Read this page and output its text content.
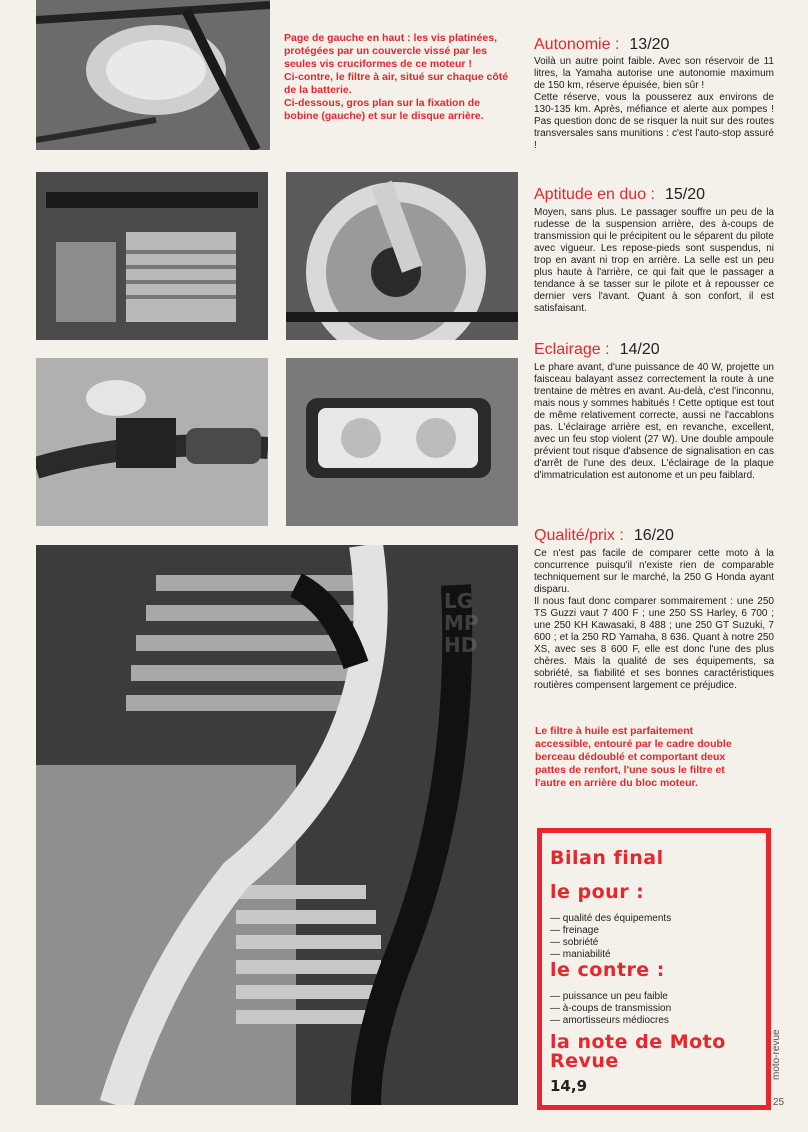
LG MP HD

Page de gauche en haut : les vis platinées, protégées par un couvercle vissé par les seules vis cruciformes de ce moteur !

Ci-contre, le filtre à air, situé sur chaque côté de la batterie.

Ci-dessous, gros plan sur la fixation de bobine (gauche) et sur le disque arrière.

Le filtre à huile est parfaitement accessible, entouré par le cadre double berceau dédoublé et comportant deux pattes de renfort, l'une sous le filtre et l'autre en arrière du bloc moteur.

Autonomie : 13/20

Voilà un autre point faible. Avec son réservoir de 11 litres, la Yamaha autorise une autonomie maximum de 150 km, réserve épuisée, bien sûr !

Cette réserve, vous la pousserez aux environs de 130-135 km. Après, méfiance et alerte aux pompes ! Pas question donc de se risquer la nuit sur des routes transversales sans munitions : c'est l'auto-stop assuré !

Aptitude en duo : 15/20

Moyen, sans plus. Le passager souffre un peu de la rudesse de la suspension arrière, des à-coups de transmission qui le précipitent ou le séparent du pilote avec vigueur. Les repose-pieds sont suspendus, ni trop en avant ni trop en arrière. La selle est un peu plus haute à l'arrière, ce qui fait que le passager a tendance à se tasser sur le pilote et à repousser ce dernier vers l'avant. Quant à son confort, il est satisfaisant.

Eclairage : 14/20

Le phare avant, d'une puissance de 40 W, projette un faisceau balayant assez correctement la route à une trentaine de mètres en avant. Au-delà, c'est l'inconnu, mais nous y sommes habitués ! Cette optique est tout de même relativement correcte, aussi ne l'accablons pas. L'éclairage arrière est, en revanche, excellent, avec un feu stop violent (27 W). Une double ampoule prévient tout risque d'absence de signalisation en cas d'arrêt de l'une des deux. L'éclairage de la plaque d'immatriculation est autonome et un peu faiblard.

Qualité/prix : 16/20

Ce n'est pas facile de comparer cette moto à la concurrence puisqu'il n'existe rien de comparable techniquement sur le marché, la 250 G Honda ayant disparu.

Il nous faut donc comparer sommairement : une 250 TS Guzzi vaut 7 400 F ; une 250 SS Harley, 6 700 ; une 250 KH Kawasaki, 8 488 ; une 250 GT Suzuki, 7 600 ; et la 250 RD Yamaha, 8 636. Quant à notre 250 XS, avec ses 8 600 F, elle est donc l'une des plus chères. Mais la qualité de ses équipements, sa sobriété, sa fiabilité et ses bonnes caractéristiques routières compensent largement ce préjudice.

Bilan final
le pour :
— qualité des équipements
— freinage
— sobriété
— maniabilité
le contre :
— puissance un peu faible
— à-coups de transmission
— amortisseurs médiocres
la note de Moto Revue
14,9
moto-revue
25
